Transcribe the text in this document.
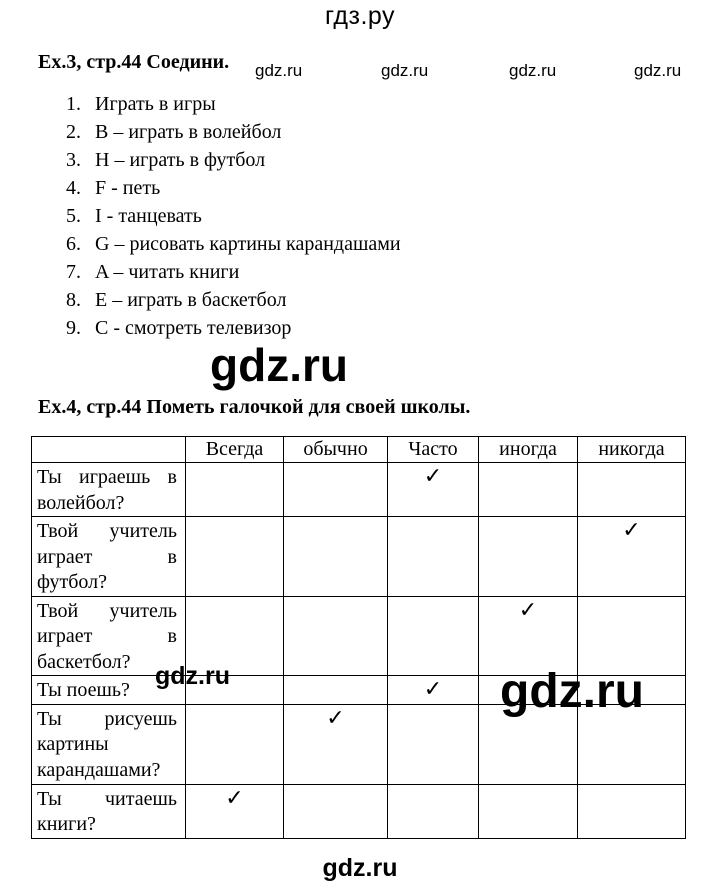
гдз.ру
Ex.3, стр.44 Соедини. gdz.ru	gdz.ru	gdz.ru	gdz.ru
1. Играть в игры
2. B – играть в волейбол
3. H – играть в футбол
4. F - петь
5. I - танцевать
6. G – рисовать картины карандашами
7. A – читать книги
8. E – играть в баскетбол
9. C - смотреть телевизор
gdz.ru
Ex.4, стр.44 Пометь галочкой для своей школы.
	Всегда	обычно	Часто	иногда	никогда

Ты играешь в
волейбол?			✓		

Твой учитель
играет в
футбол?					✓

Твой учитель
играет в
баскетбол?				✓	

Ты поешь?			✓		

Ты рисуешь
картины
карандашами?		✓			

Ты читаешь
книги?	✓				
gdz.ru	gdz.ru
gdz.ru
